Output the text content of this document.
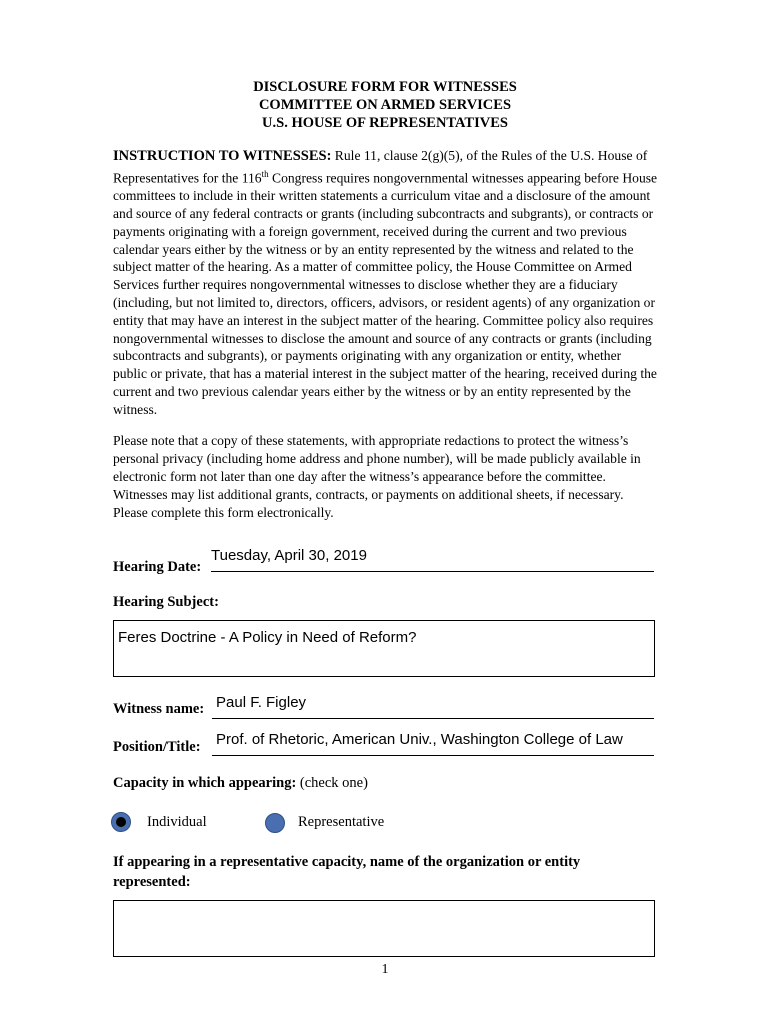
DISCLOSURE FORM FOR WITNESSES
COMMITTEE ON ARMED SERVICES
U.S. HOUSE OF REPRESENTATIVES

INSTRUCTION TO WITNESSES: Rule 11, clause 2(g)(5), of the Rules of the U.S. House of Representatives for the 116th Congress requires nongovernmental witnesses appearing before House committees to include in their written statements a curriculum vitae and a disclosure of the amount and source of any federal contracts or grants (including subcontracts and subgrants), or contracts or payments originating with a foreign government, received during the current and two previous calendar years either by the witness or by an entity represented by the witness and related to the subject matter of the hearing. As a matter of committee policy, the House Committee on Armed Services further requires nongovernmental witnesses to disclose whether they are a fiduciary (including, but not limited to, directors, officers, advisors, or resident agents) of any organization or entity that may have an interest in the subject matter of the hearing. Committee policy also requires nongovernmental witnesses to disclose the amount and source of any contracts or grants (including subcontracts and subgrants), or payments originating with any organization or entity, whether public or private, that has a material interest in the subject matter of the hearing, received during the current and two previous calendar years either by the witness or by an entity represented by the witness.

Please note that a copy of these statements, with appropriate redactions to protect the witness’s personal privacy (including home address and phone number), will be made publicly available in electronic form not later than one day after the witness’s appearance before the committee. Witnesses may list additional grants, contracts, or payments on additional sheets, if necessary. Please complete this form electronically.

Hearing Date:
Tuesday, April 30, 2019
Hearing Subject:
Feres Doctrine - A Policy in Need of Reform?
Witness name: Paul F. Figley
Position/Title: Prof. of Rhetoric, American Univ., Washington College of Law
Capacity in which appearing: (check one)
Individual	Representative
If appearing in a representative capacity, name of the organization or entity
represented:
1
